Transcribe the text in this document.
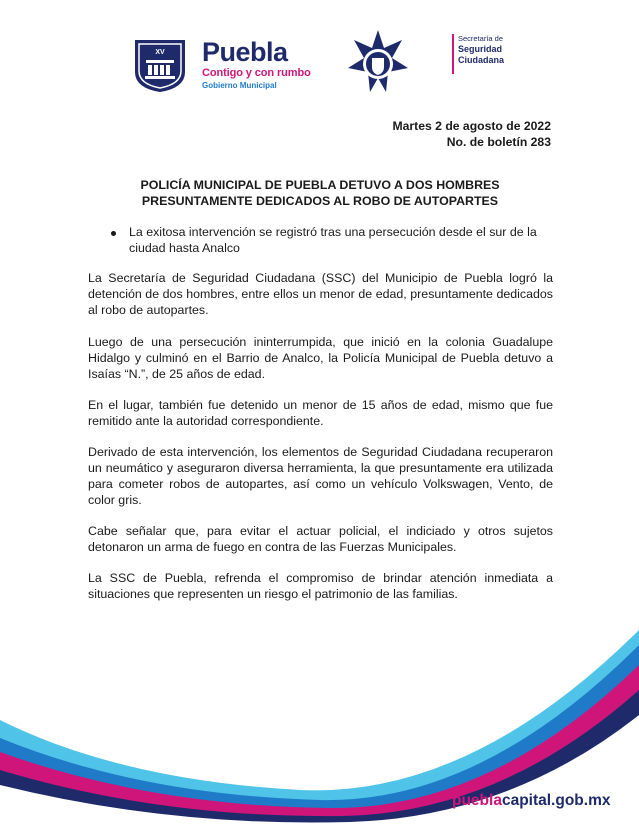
XV Puebla
Contigo y con rumbo
Gobierno Municipal
Secretaría de
Seguridad
Ciudadana
Martes 2 de agosto de 2022
No. de boletín 283
POLICÍA MUNICIPAL DE PUEBLA DETUVO A DOS HOMBRES
PRESUNTAMENTE DEDICADOS AL ROBO DE AUTOPARTES
La exitosa intervención se registró tras una persecución desde el sur de la ciudad hasta Analco
La Secretaría de Seguridad Ciudadana (SSC) del Municipio de Puebla logró la detención de dos hombres, entre ellos un menor de edad, presuntamente dedicados al robo de autopartes.
Luego de una persecución ininterrumpida, que inició en la colonia Guadalupe Hidalgo y culminó en el Barrio de Analco, la Policía Municipal de Puebla detuvo a Isaías “N.”, de 25 años de edad.
En el lugar, también fue detenido un menor de 15 años de edad, mismo que fue remitido ante la autoridad correspondiente.
Derivado de esta intervención, los elementos de Seguridad Ciudadana recuperaron un neumático y aseguraron diversa herramienta, la que presuntamente era utilizada para cometer robos de autopartes, así como un vehículo Volkswagen, Vento, de color gris.
Cabe señalar que, para evitar el actuar policial, el indiciado y otros sujetos detonaron un arma de fuego en contra de las Fuerzas Municipales.
La SSC de Puebla, refrenda el compromiso de brindar atención inmediata a situaciones que representen un riesgo el patrimonio de las familias.
pueblacapital.gob.mx
